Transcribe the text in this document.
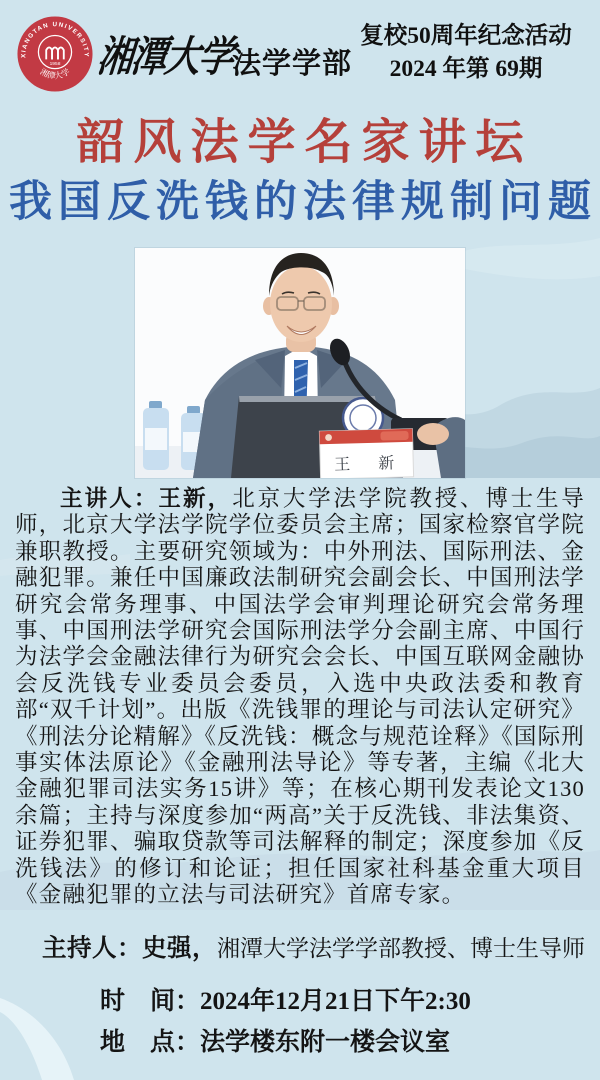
XIANGTAN UNIVERSITY
湘潭大学
1958 湘潭大学
法学学部
复校50周年纪念活动
2024 年第 69期
韶风法学名家讲坛
我国反洗钱的法律规制问题
王　新

主讲人：王新，北京大学法学院教授、博士生导师，北京大学法学院学位委员会主席；国家检察官学院兼职教授。主要研究领域为：中外刑法、国际刑法、金融犯罪。兼任中国廉政法制研究会副会长、中国刑法学研究会常务理事、中国法学会审判理论研究会常务理事、中国刑法学研究会国际刑法学分会副主席、中国行为法学会金融法律行为研究会会长、中国互联网金融协会反洗钱专业委员会委员，入选中央政法委和教育部“双千计划”。出版《洗钱罪的理论与司法认定研究》《刑法分论精解》《反洗钱：概念与规范诠释》《国际刑事实体法原论》《金融刑法导论》等专著，主编《北大金融犯罪司法实务15讲》等；在核心期刊发表论文130余篇；主持与深度参加“两高”关于反洗钱、非法集资、证券犯罪、骗取贷款等司法解释的制定；深度参加《反洗钱法》的修订和论证；担任国家社科基金重大项目《金融犯罪的立法与司法研究》首席专家。

主持人：史强，湘潭大学法学学部教授、博士生导师

时　间：2024年12月21日下午2:30
地　点：法学楼东附一楼会议室
